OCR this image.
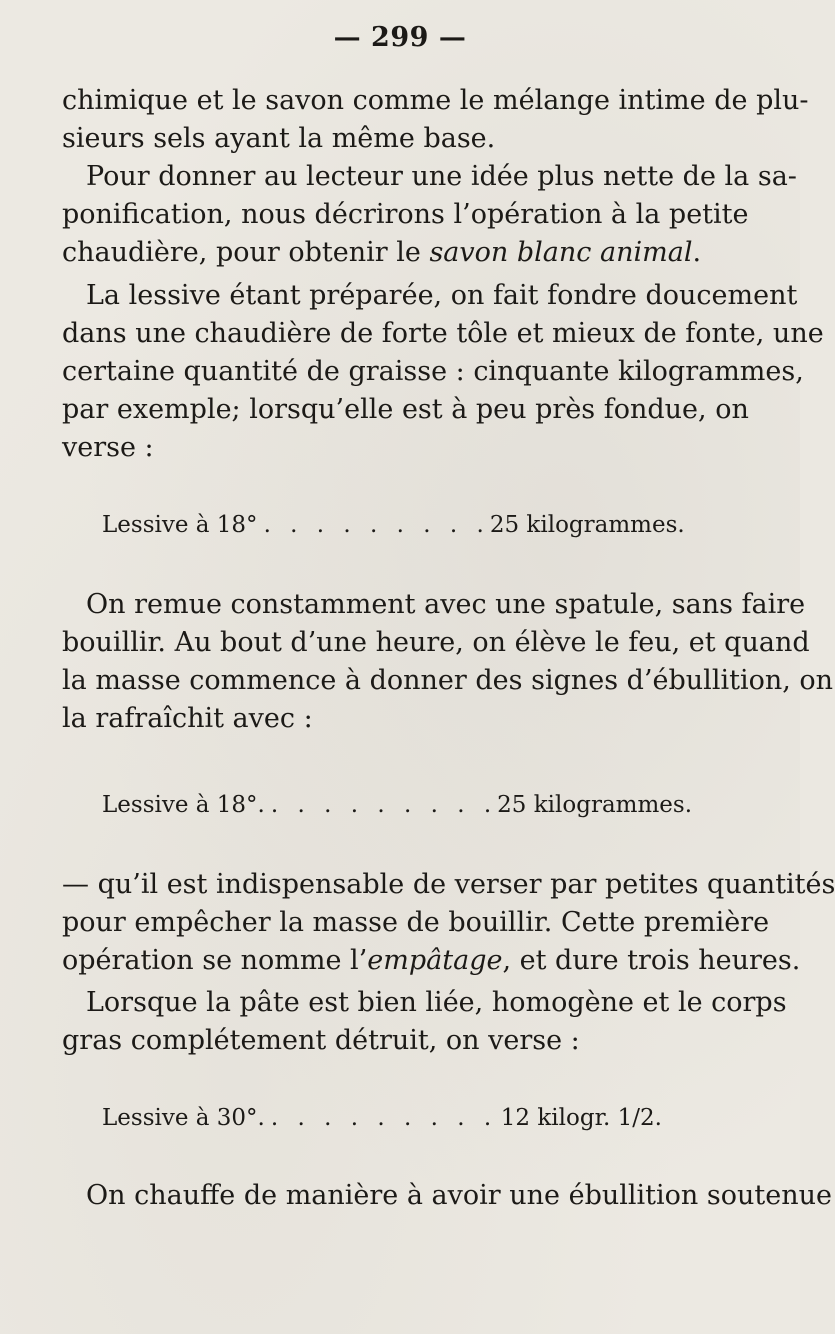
— 299 —

chimique et le savon comme le mélange intime de plu-
sieurs sels ayant la même base.

Pour donner au lecteur une idée plus nette de la sa-
ponification, nous décrirons l’opération à la petite
chaudière, pour obtenir le savon blanc animal.

La lessive étant préparée, on fait fondre doucement
dans une chaudière de forte tôle et mieux de fonte, une
certaine quantité de graisse : cinquante kilogrammes,
par exemple; lorsqu’elle est à peu près fondue, on
verse :

Lessive à 18° . . . . . . . . . 25 kilogrammes.

On remue constamment avec une spatule, sans faire
bouillir. Au bout d’une heure, on élève le feu, et quand
la masse commence à donner des signes d’ébullition, on
la rafraîchit avec :

Lessive à 18°. . . . . . . . . . 25 kilogrammes.

— qu’il est indispensable de verser par petites quantités
pour empêcher la masse de bouillir. Cette première
opération se nomme l’empâtage, et dure trois heures.

Lorsque la pâte est bien liée, homogène et le corps
gras complétement détruit, on verse :

Lessive à 30°. . . . . . . . . . 12 kilogr. 1/2.

On chauffe de manière à avoir une ébullition soutenue
